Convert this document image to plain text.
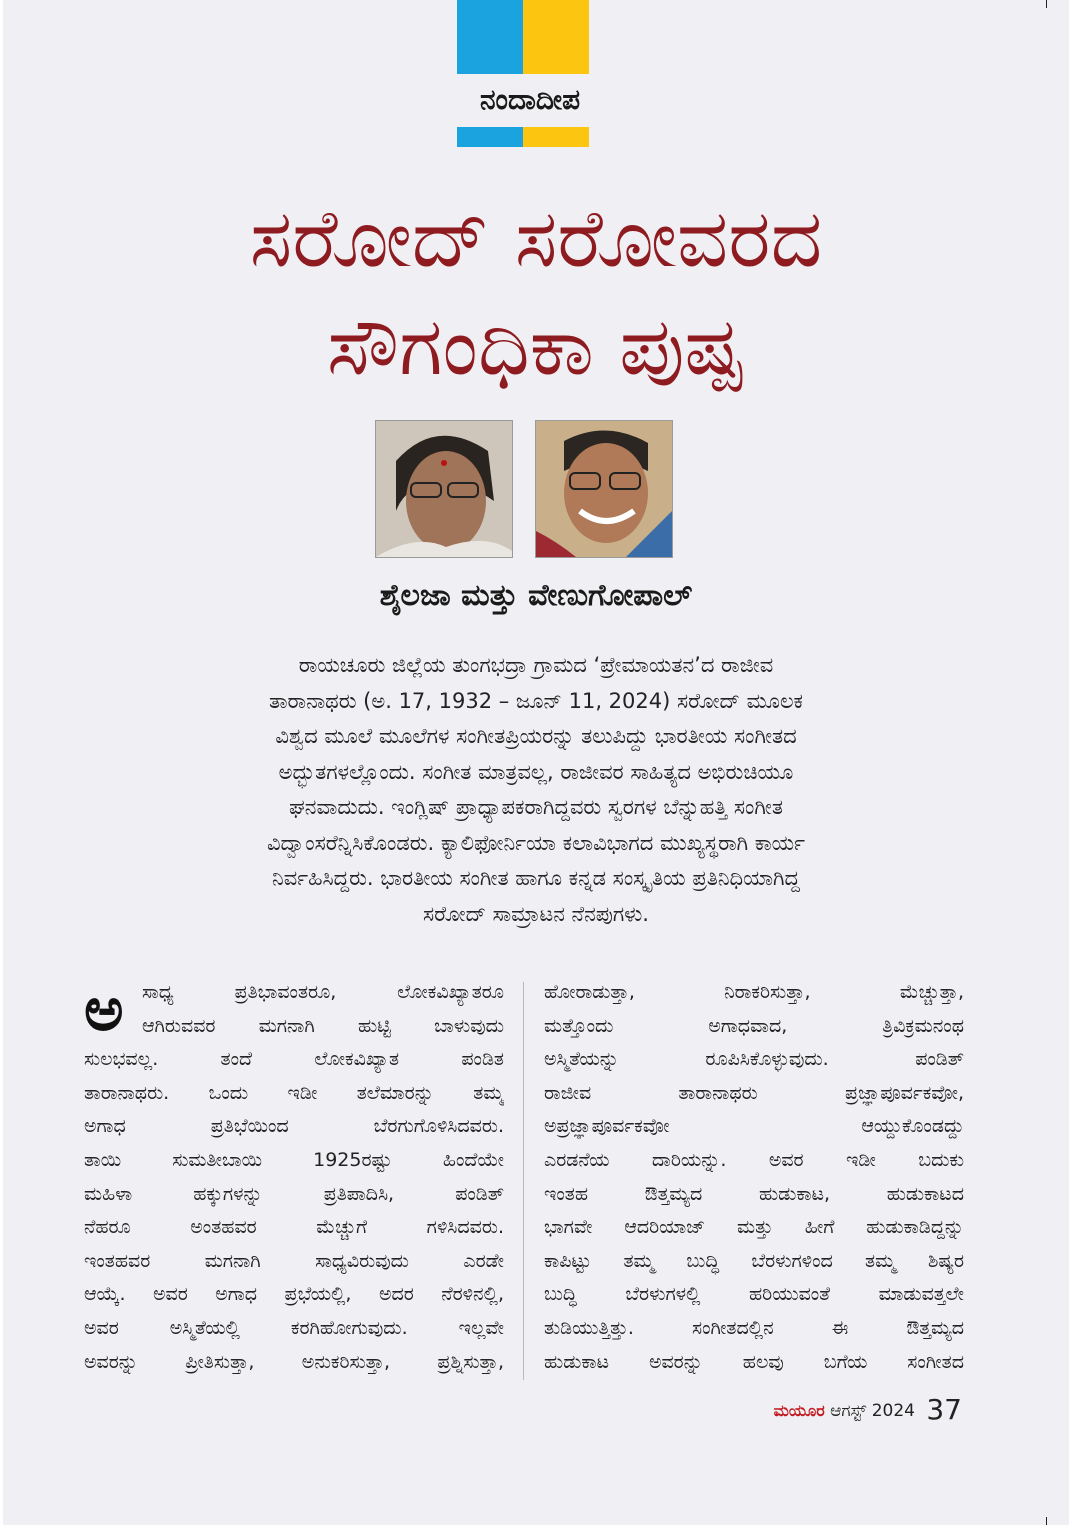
ನಂದಾದೀಪ
ಸರೋದ್ ಸರೋವರದ
ಸೌಗಂಧಿಕಾ ಪುಷ್ಪ
ಶೈಲಜಾ ಮತ್ತು ವೇಣುಗೋಪಾಲ್
ರಾಯಚೂರು ಜಿಲ್ಲೆಯ ತುಂಗಭದ್ರಾ ಗ್ರಾಮದ ‘ಪ್ರೇಮಾಯತನ’ದ ರಾಜೀವ
ತಾರಾನಾಥರು (ಅ. 17, 1932 – ಜೂನ್ 11, 2024) ಸರೋದ್ ಮೂಲಕ
ವಿಶ್ವದ ಮೂಲೆ ಮೂಲೆಗಳ ಸಂಗೀತಪ್ರಿಯರನ್ನು ತಲುಪಿದ್ದು ಭಾರತೀಯ ಸಂಗೀತದ
ಅದ್ಭುತಗಳಲ್ಲೊಂದು. ಸಂಗೀತ ಮಾತ್ರವಲ್ಲ, ರಾಜೀವರ ಸಾಹಿತ್ಯದ ಅಭಿರುಚಿಯೂ
ಘನವಾದುದು. ಇಂಗ್ಲಿಷ್ ಪ್ರಾಧ್ಯಾಪಕರಾಗಿದ್ದವರು ಸ್ವರಗಳ ಬೆನ್ನುಹತ್ತಿ ಸಂಗೀತ
ವಿದ್ವಾಂಸರೆನ್ನಿಸಿಕೊಂಡರು. ಕ್ಯಾಲಿಫೋರ್ನಿಯಾ ಕಲಾವಿಭಾಗದ ಮುಖ್ಯಸ್ಥರಾಗಿ ಕಾರ್ಯ
ನಿರ್ವಹಿಸಿದ್ದರು. ಭಾರತೀಯ ಸಂಗೀತ ಹಾಗೂ ಕನ್ನಡ ಸಂಸ್ಕೃತಿಯ ಪ್ರತಿನಿಧಿಯಾಗಿದ್ದ
ಸರೋದ್ ಸಾಮ್ರಾಟನ ನೆನಪುಗಳು.
ಅ ಸಾಧ್ಯ ಪ್ರತಿಭಾವಂತರೂ, ಲೋಕವಿಖ್ಯಾತರೂ
ಆಗಿರುವವರ ಮಗನಾಗಿ ಹುಟ್ಟಿ ಬಾಳುವುದು
ಸುಲಭವಲ್ಲ. ತಂದೆ ಲೋಕವಿಖ್ಯಾತ ಪಂಡಿತ
ತಾರಾನಾಥರು. ಒಂದು ಇಡೀ ತಲೆಮಾರನ್ನು ತಮ್ಮ
ಅಗಾಧ ಪ್ರತಿಭೆಯಿಂದ ಬೆರಗುಗೊಳಿಸಿದವರು.
ತಾಯಿ ಸುಮತೀಬಾಯಿ 1925ರಷ್ಟು ಹಿಂದೆಯೇ
ಮಹಿಳಾ ಹಕ್ಕುಗಳನ್ನು ಪ್ರತಿಪಾದಿಸಿ, ಪಂಡಿತ್
ನೆಹರೂ ಅಂತಹವರ ಮೆಚ್ಚುಗೆ ಗಳಿಸಿದವರು.
ಇಂತಹವರ ಮಗನಾಗಿ ಸಾಧ್ಯವಿರುವುದು ಎರಡೇ
ಆಯ್ಕೆ. ಅವರ ಅಗಾಧ ಪ್ರಭೆಯಲ್ಲಿ, ಅದರ ನೆರಳಿನಲ್ಲಿ,
ಅವರ ಅಸ್ಮಿತೆಯಲ್ಲಿ ಕರಗಿಹೋಗುವುದು. ಇಲ್ಲವೇ
ಅವರನ್ನು ಪ್ರೀತಿಸುತ್ತಾ, ಅನುಕರಿಸುತ್ತಾ, ಪ್ರಶ್ನಿಸುತ್ತಾ,
ಹೋರಾಡುತ್ತಾ, ನಿರಾಕರಿಸುತ್ತಾ, ಮೆಚ್ಚುತ್ತಾ,
ಮತ್ತೊಂದು ಅಗಾಧವಾದ, ತ್ರಿವಿಕ್ರಮನಂಥ
ಅಸ್ಮಿತೆಯನ್ನು ರೂಪಿಸಿಕೊಳ್ಳುವುದು. ಪಂಡಿತ್
ರಾಜೀವ ತಾರಾನಾಥರು ಪ್ರಜ್ಞಾಪೂರ್ವಕವೋ,
ಅಪ್ರಜ್ಞಾಪೂರ್ವಕವೋ ಆಯ್ದುಕೊಂಡದ್ದು
ಎರಡನೆಯ ದಾರಿಯನ್ನು. ಅವರ ಇಡೀ ಬದುಕು
ಇಂತಹ ಔತ್ತಮ್ಯದ ಹುಡುಕಾಟ, ಹುಡುಕಾಟದ
ಭಾಗವೇ ಆದರಿಯಾಜ್ ಮತ್ತು ಹೀಗೆ ಹುಡುಕಾಡಿದ್ದನ್ನು
ಕಾಪಿಟ್ಟು ತಮ್ಮ ಬುದ್ಧಿ ಬೆರಳುಗಳಿಂದ ತಮ್ಮ ಶಿಷ್ಯರ
ಬುದ್ಧಿ ಬೆರಳುಗಳಲ್ಲಿ ಹರಿಯುವಂತೆ ಮಾಡುವತ್ತಲೇ
ತುಡಿಯುತ್ತಿತ್ತು. ಸಂಗೀತದಲ್ಲಿನ ಈ ಔತ್ತಮ್ಯದ
ಹುಡುಕಾಟ ಅವರನ್ನು ಹಲವು ಬಗೆಯ ಸಂಗೀತದ
ಮಯೂರ ಆಗಸ್ಟ್ 2024 37
